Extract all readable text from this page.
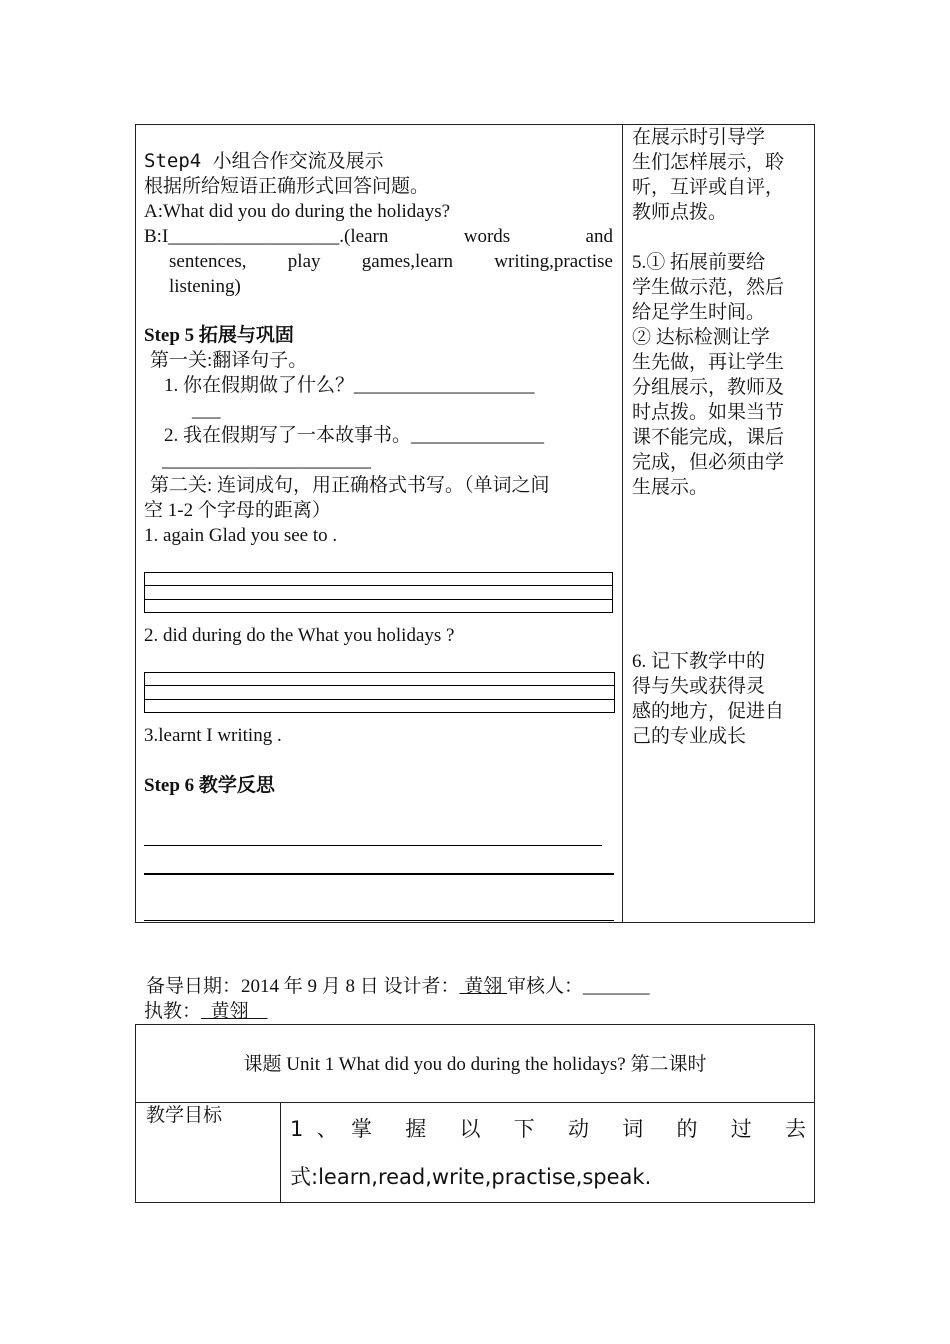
Step4 小组合作交流及展示
根据所给短语正确形式回答问题。
A:What did you do during the holidays?
B:I__________________.(learn words and
sentences, play games,learn writing,practise
listening)
Step 5 拓展与巩固
第一关:翻译句子。
1. 你在假期做了什么？___________________
___
2. 我在假期写了一本故事书。______________
______________________
第二关: 连词成句，用正确格式书写。（单词之间
空 1-2 个字母的距离）
1. again Glad you see to .
2. did during do the What you holidays ?
3.learnt I writing .
Step 6 教学反思
在展示时引导学
生们怎样展示，聆
听，互评或自评，
教师点拨。
5.① 拓展前要给
学生做示范，然后
给足学生时间。
② 达标检测让学
生先做，再让学生
分组展示，教师及
时点拨。如果当节
课不能完成，课后
完成，但必须由学
生展示。
6. 记下教学中的
得与失或获得灵
感的地方，促进自
己的专业成长
备导日期：2014 年 9 月 8 日 设计者： 黄翎 审核人：_______
执教：  黄翎
课题 Unit 1 What did you do during the holidays? 第二课时
教学目标
1、掌 握 以 下 动 词 的 过 去
式:learn,read,write,practise,speak.
